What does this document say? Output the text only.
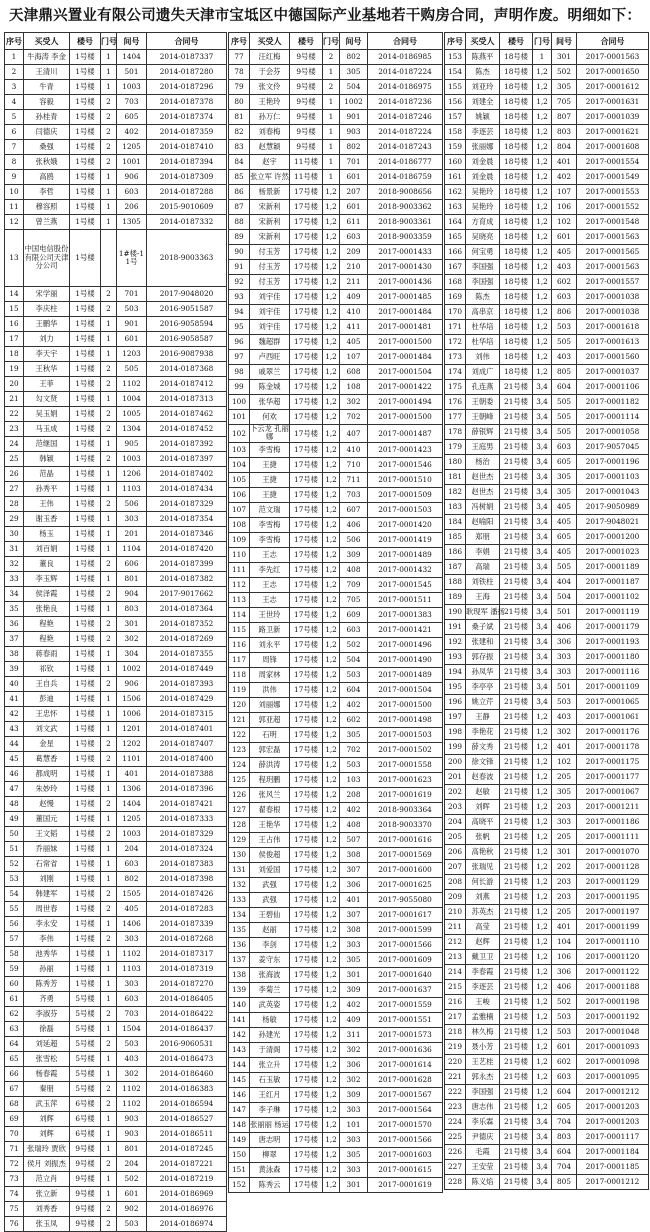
天津鼎兴置业有限公司遗失天津市宝坻区中德国际产业基地若干购房合同，声明作废。明细如下：
序号	买受人	楼号	门号	间号	合同号
1	牛海涛 李金	1号楼	1	1404	2014-0187337
2	王清川	1号楼	1	501	2014-0187280
3	牛青	1号楼	1	1003	2014-0187296
4	容毅	1号楼	2	703	2014-0187378
5	孙桂青	1号楼	2	605	2014-0187374
6	闫德庆	1号楼	2	402	2014-0187359
7	桑强	1号楼	2	1205	2014-0187410
8	张秋娥	1号楼	2	1001	2014-0187394
9	高鸥	1号楼	1	906	2014-0187309
10	李哲	1号楼	1	603	2014-0187288
11	穆容照	1号楼	1	206	2015-9010609
12	曾兰燕	1号楼	1	1305	2014-0187332
13	中国电信股份有限公司天津分公司	1号楼		1#楼-11号	2018-9003363
14	宋学丽	1号楼	2	701	2017-9048020
15	李庆柱	1号楼	2	503	2016-9051587
16	王鹏华	1号楼	1	901	2016-9058594
17	刘力	1号楼	1	601	2016-9058587
18	李天宇	1号楼	1	1203	2016-9087938
19	王秋华	1号楼	2	505	2014-0187368
20	王菲	1号楼	2	1102	2014-0187412
21	勾文贤	1号楼	1	1004	2014-0187313
22	吴玉娟	1号楼	2	1005	2014-0187462
23	马玉成	1号楼	2	1304	2014-0187452
24	范继国	1号楼	1	905	2014-0187392
25	韩颖	1号楼	2	1003	2014-0187397
26	范晶	1号楼	1	1206	2014-0187402
27	孙秀平	1号楼	1	1103	2014-0187434
28	王伟	1号楼	2	506	2014-0187329
29	谢玉香	1号楼	1	303	2014-0187354
30	杨玉	1号楼	1	201	2014-0187346
31	刘百娟	1号楼	1	1104	2014-0187420
32	董良	1号楼	2	606	2014-0187399
33	李玉辉	1号楼	1	801	2014-0187382
34	侯泽霞	1号楼	2	904	2017-9017662
35	张艳良	1号楼	1	803	2014-0187364
36	程艳	1号楼	2	301	2014-0187352
37	程艳	1号楼	2	302	2014-0187269
38	蒋春雨	1号楼	1	304	2014-0187355
39	祁钦	1号楼	1	1002	2014-0187449
40	王自兵	1号楼	2	906	2014-0187393
41	彭迪	1号楼	1	1506	2014-0187429
42	王忠怀	1号楼	1	1006	2014-0187315
43	刘文武	1号楼	1	1201	2014-0187401
44	金星	1号楼	2	1202	2014-0187407
45	葛慧香	1号楼	2	1101	2014-0187400
46	都成明	1号楼	1	401	2014-0187388
47	朱妙玲	1号楼	1	1306	2014-0187396
48	赵慢	1号楼	2	1404	2014-0187421
49	董国元	1号楼	1	1205	2014-0187333
50	王文韬	1号楼	2	1003	2014-0187329
51	乔丽妹	1号楼	1	204	2014-0187324
52	石常省	1号楼	1	603	2014-0187383
53	刘刚	1号楼	1	802	2014-0187398
54	韩建军	1号楼	2	1505	2014-0187426
55	周世春	1号楼	2	405	2014-0187283
56	李永安	1号楼	1	1406	2014-0187339
57	李伟	1号楼	2	303	2014-0187268
58	池秀华	1号楼	1	1102	2014-0187317
59	孙丽	1号楼	1	1103	2014-0187319
60	陈秀芳	1号楼	1	303	2014-0187270
61	齐勇	5号楼	1	603	2014-0186405
62	李淑芬	5号楼	2	703	2014-0186422
63	徐磊	5号楼	1	1504	2014-0186437
64	刘延超	5号楼	2	503	2016-9060531
65	张雪松	5号楼	1	403	2014-0186473
66	杨春霞	5号楼	1	302	2014-0186460
67	秦朋	5号楼	2	1102	2014-0186383
68	武玉萍	6号楼	2	1102	2014-0186594
69	刘辉	6号楼	1	903	2014-0186527
70	刘辉	6号楼	1	903	2014-0186511
71	张瑞玲 贾欣	9号楼	1	801	2014-0187245
72	侯月 刘振杰	9号楼	2	204	2014-0187221
73	范立肖	9号楼	1	502	2014-0187219
74	张立新	9号楼	1	601	2014-0186969
75	刘秀香	9号楼	2	902	2014-0186976
76	张玉凤	9号楼	2	503	2014-0186974
序号	买受人	楼号	门号	间号	合同号
77	汪红梅	9号楼	2	802	2014-0186985
78	于会芬	9号楼	1	305	2014-0187224
79	张文伶	9号楼	2	504	2014-0186975
80	王艳玲	9号楼	1	1002	2014-0187236
81	孙万仁	9号楼	1	901	2014-0187246
82	刘春梅	9号楼	1	903	2014-0187224
83	赵慧颖	9号楼	1	802	2014-0187243
84	赵宇	11号楼	1	701	2014-0186777
85	张立军 许然	11号楼	1	601	2014-0186759
86	杨景新	17号楼	1,2	207	2018-9008656
87	宋新利	17号楼	1,2	601	2018-9003362
88	宋新利	17号楼	1,2	611	2018-9003361
89	宋新利	17号楼	1,2	603	2018-9003359
90	付玉芳	17号楼	1,2	209	2017-0001433
91	付玉芳	17号楼	1,2	210	2017-0001430
92	付玉芳	17号楼	1,2	211	2017-0001436
93	刘宇佳	17号楼	1,2	409	2017-0001485
94	刘宇佳	17号楼	1,2	410	2017-0001484
95	刘宇佳	17号楼	1,2	411	2017-0001481
96	魏超群	17号楼	1,2	405	2017-0001500
97	卢西旺	17号楼	1,2	107	2017-0001484
98	戚翠兰	17号楼	1,2	608	2017-0001504
99	陈金城	17号楼	1,2	108	2017-0001422
100	张华超	17号楼	1,2	302	2017-0001494
101	何欢	17号楼	1,2	702	2017-0001500
102	卜云龙 孔丽娜	17号楼	1,2	407	2017-0001487
103	李雪梅	17号楼	1,2	410	2017-0001423
104	王捷	17号楼	1,2	710	2017-0001546
105	王捷	17号楼	1,2	711	2017-0001510
106	王捷	17号楼	1,2	703	2017-0001509
107	范文瑞	17号楼	1,2	607	2017-0001503
108	李雪梅	17号楼	1,2	406	2017-0001420
109	李雪梅	17号楼	1,2	506	2017-0001419
110	王志	17号楼	1,2	309	2017-0001489
111	李先红	17号楼	1,2	408	2017-0001432
112	王志	17号楼	1,2	709	2017-0001545
113	王志	17号楼	1,2	705	2017-0001511
114	王世玲	17号楼	1,2	609	2017-0001383
115	路卫新	17号楼	1,2	603	2017-0001421
116	刘永平	17号楼	1,2	502	2017-0001496
117	周锋	17号楼	1,2	504	2017-0001490
118	周家林	17号楼	1,2	503	2017-0001489
119	洪伟	17号楼	1,2	604	2017-0001504
120	刘丽娜	17号楼	1,2	402	2017-0001500
121	郭亚超	17号楼	1,2	602	2017-0001498
122	石明	17号楼	1,2	305	2017-0001503
123	郭宏磊	17号楼	1,2	702	2017-0001502
124	薛洪涛	17号楼	1,2	503	2017-0001558
125	程玥鹏	17号楼	1,2	103	2017-0001623
126	张风兰	17号楼	1,2	208	2017-0001619
127	翟春根	17号楼	1,2	402	2018-9003364
128	王艳华	17号楼	1,2	408	2018-9003370
129	王占伟	17号楼	1,2	507	2017-0001616
130	侯俊超	17号楼	1,2	308	2017-0001569
131	刘爱国	17号楼	1,2	307	2017-0001600
132	武强	17号楼	1,2	306	2017-0001625
133	武强	17号楼	1,2	401	2017-9055080
134	王碧仙	17号楼	1,2	307	2017-0001617
135	赵丽	17号楼	1,2	308	2017-0001599
136	李剑	17号楼	1,2	303	2017-0001566
137	姜守东	17号楼	1,2	305	2017-0001609
138	张海波	17号楼	1,2	301	2017-0001640
139	李菊兰	17号楼	1,2	309	2017-0001637
140	武英姿	17号楼	1,2	402	2017-0001559
141	杨敏	17号楼	1,2	409	2017-0001551
142	孙建光	17号楼	1,2	311	2017-0001573
143	于清阁	17号楼	1,2	302	2017-0001636
144	张立升	17号楼	1,2	306	2017-0001614
145	石玉敏	17号楼	1,2	302	2017-0001628
146	王红月	17号楼	1,2	309	2017-0001567
147	李子琳	17号楼	1,2	303	2017-0001564
148	张丽丽 杨运	17号楼	1,2	101	2017-0001570
149	唐志明	17号楼	1,2	303	2017-0001566
150	柳翠	17号楼	1,2	305	2017-0001603
151	黄泳森	17号楼	1,2	303	2017-0001615
152	陈秀云	17号楼	1,2	301	2017-0001619
序号	买受人	楼号	门号	间号	合同号
153	陈燕平	18号楼	1	301	2017-0001563
154	陈杰	18号楼	1,2	502	2017-0001650
155	刘亚玲	18号楼	1,2	305	2017-0001612
156	刘建全	18号楼	1,2	705	2017-0001631
157	姚颖	18号楼	1,2	807	2017-0001039
158	李逐芸	18号楼	1,2	803	2017-0001621
159	张丽娜	18号楼	1,2	804	2017-0001608
160	刘金晨	18号楼	1,2	401	2017-0001554
161	刘金晨	18号楼	1,2	402	2017-0001549
162	吴艳玲	18号楼	1,2	107	2017-0001553
163	吴艳玲	18号楼	1,2	106	2017-0001552
164	方育成	18号楼	1,2	102	2017-0001548
165	吴晓亮	18号楼	1,2	601	2017-0001563
166	何宝勇	18号楼	1,2	405	2017-0001565
167	李国强	18号楼	1,2	403	2017-0001563
168	李国强	18号楼	1,2	602	2017-0001557
169	陈杰	18号楼	1,2	603	2017-0001038
170	高串京	18号楼	1,2	806	2017-0001038
171	杜华培	18号楼	1,2	503	2017-0001618
172	杜华培	18号楼	1,2	505	2017-0001613
173	刘伟	18号楼	1,2	403	2017-0001560
174	刘成广	18号楼	1,2	805	2017-0001037
175	孔连燕	21号楼	3,4	604	2017-0001106
176	王朝委	21号楼	3,4	505	2017-0001182
177	王朝峰	21号楼	3,4	505	2017-0001114
178	薛银辉	21号楼	3,4	505	2017-0001058
179	王庭男	21号楼	3,4	603	2017-9057045
180	杨治	21号楼	3,4	605	2017-0001196
181	赵世杰	21号楼	3,4	305	2017-0001103
182	赵世杰	21号楼	3,4	305	2017-0001043
183	冯树娟	21号楼	3,4	405	2017-9050989
184	赵喻阳	21号楼	3,4	405	2017-9048021
185	郑朋	21号楼	3,4	605	2017-0001200
186	李娟	21号楼	3,4	405	2017-0001023
187	高瑞	21号楼	3,4	505	2017-0001189
188	刘铁柱	21号楼	3,4	404	2017-0001187
189	王海	21号楼	3,4	504	2017-0001102
190	耿现军 潘扬	21号楼	3,4	501	2017-0001119
191	桑子斌	21号楼	3,4	406	2017-0001179
192	张建和	21号楼	3,4	306	2017-0001193
193	郭存振	21号楼	3,4	303	2017-0001180
194	孙凤华	21号楼	3,4	303	2017-0001116
195	李亭亭	21号楼	3,4	501	2017-0001109
196	姚立芹	21号楼	3,4	503	2017-0001065
197	王静	21号楼	1,2	403	2017-0001061
198	李艳花	21号楼	1,2	302	2017-0001176
199	薛文秀	21号楼	1,2	401	2017-0001178
200	徐文锋	21号楼	1,2	102	2017-0001175
201	赵春波	21号楼	1,2	205	2017-0001177
202	赵敏	21号楼	1,2	305	2017-0001067
203	刘晖	21号楼	1,2	203	2017-0001211
204	高晓平	21号楼	1,2	303	2017-0001186
205	张帆	21号楼	1,2	205	2017-0001111
206	高艳秋	21号楼	1,2	301	2017-0001070
207	张瑞见	21号楼	1,2	202	2017-0001128
208	何长游	21号楼	1,2	203	2017-0001129
209	刘燕	21号楼	1,2	203	2017-0001195
210	苏英杰	21号楼	1,2	205	2017-0001197
211	高莹	21号楼	1,2	401	2017-0001199
212	赵辉	21号楼	1,2	104	2017-0001110
213	戴卫卫	21号楼	1,2	106	2017-0001120
214	李春霞	21号楼	1,2	306	2017-0001122
215	李逐芸	21号楼	1,2	406	2017-0001188
216	王峻	21号楼	1,2	502	2017-0001198
217	孟雅楠	21号楼	1,2	503	2017-0001192
218	林久梅	21号楼	1,2	503	2017-0001048
219	聂小芳	21号楼	1,2	601	2017-0001093
220	王艺桂	21号楼	1,2	602	2017-0001098
221	郭永杰	21号楼	1,2	603	2017-0001095
222	李国强	21号楼	1,2	604	2017-0001212
223	唐志伟	21号楼	1,2	605	2017-0001203
224	李乐霖	21号楼	3,4	704	2017-0001203
225	尹德庆	21号楼	3,4	803	2017-0001117
226	毛霞	21号楼	3,4	604	2017-0001184
227	王安莹	21号楼	3,4	704	2017-0001185
228	陈义焰	21号楼	3,4	805	2017-0001212
